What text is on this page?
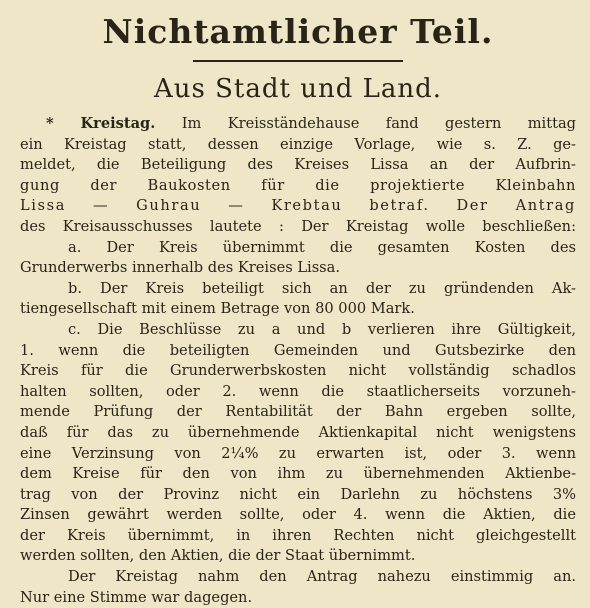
Nichtamtlicher Teil.
Aus Stadt und Land.
* Kreistag. Im Kreisständehause fand gestern mittag
ein Kreistag statt, dessen einzige Vorlage, wie s. Z. ge-
meldet, die Beteiligung des Kreises Lissa an der Aufbrin-
gung der Baukosten für die projektierte Kleinbahn
Lissa — Guhrau — Krebtau betraf. Der Antrag
des Kreisausschusses lautete : Der Kreistag wolle beschließen:
a. Der Kreis übernimmt die gesamten Kosten des
Grunderwerbs innerhalb des Kreises Lissa.
b. Der Kreis beteiligt sich an der zu gründenden Ak-
tiengesellschaft mit einem Betrage von 80 000 Mark.
c. Die Beschlüsse zu a und b verlieren ihre Gültigkeit,
1. wenn die beteiligten Gemeinden und Gutsbezirke den
Kreis für die Grunderwerbskosten nicht vollständig schadlos
halten sollten, oder 2. wenn die staatlicherseits vorzuneh-
mende Prüfung der Rentabilität der Bahn ergeben sollte,
daß für das zu übernehmende Aktienkapital nicht wenigstens
eine Verzinsung von 2¼% zu erwarten ist, oder 3. wenn
dem Kreise für den von ihm zu übernehmenden Aktienbe-
trag von der Provinz nicht ein Darlehn zu höchstens 3%
Zinsen gewährt werden sollte, oder 4. wenn die Aktien, die
der Kreis übernimmt, in ihren Rechten nicht gleichgestellt
werden sollten, den Aktien, die der Staat übernimmt.
Der Kreistag nahm den Antrag nahezu einstimmig an.
Nur eine Stimme war dagegen.
